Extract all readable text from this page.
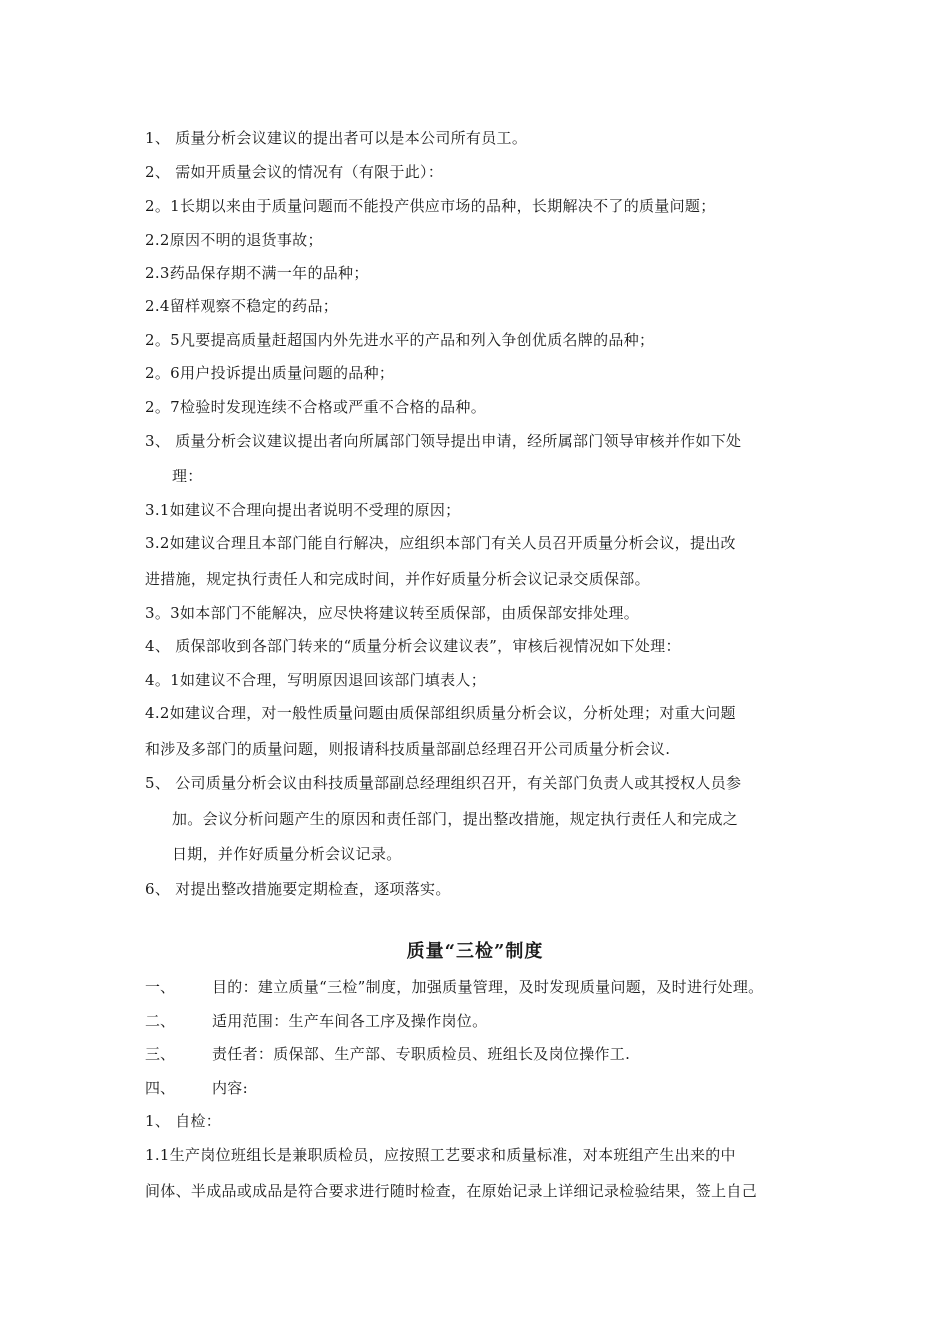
1、 质量分析会议建议的提出者可以是本公司所有员工。
2、 需如开质量会议的情况有（有限于此）：
2。1长期以来由于质量问题而不能投产供应市场的品种，长期解决不了的质量问题；
2.2原因不明的退货事故；
2.3药品保存期不满一年的品种；
2.4留样观察不稳定的药品；
2。5凡要提高质量赶超国内外先进水平的产品和列入争创优质名牌的品种；
2。6用户投诉提出质量问题的品种；
2。7检验时发现连续不合格或严重不合格的品种。
3、 质量分析会议建议提出者向所属部门领导提出申请，经所属部门领导审核并作如下处
理：
3.1如建议不合理向提出者说明不受理的原因；
3.2如建议合理且本部门能自行解决，应组织本部门有关人员召开质量分析会议，提出改
进措施，规定执行责任人和完成时间，并作好质量分析会议记录交质保部。
3。3如本部门不能解决，应尽快将建议转至质保部，由质保部安排处理。
4、 质保部收到各部门转来的“质量分析会议建议表”，审核后视情况如下处理：
4。1如建议不合理，写明原因退回该部门填表人；
4.2如建议合理，对一般性质量问题由质保部组织质量分析会议，分析处理；对重大问题
和涉及多部门的质量问题，则报请科技质量部副总经理召开公司质量分析会议.
5、 公司质量分析会议由科技质量部副总经理组织召开，有关部门负责人或其授权人员参
加。会议分析问题产生的原因和责任部门，提出整改措施，规定执行责任人和完成之
日期，并作好质量分析会议记录。
6、 对提出整改措施要定期检查，逐项落实。
质量“三检”制度
一、 目的：建立质量“三检”制度，加强质量管理，及时发现质量问题，及时进行处理。
二、 适用范围：生产车间各工序及操作岗位。
三、 责任者：质保部、生产部、专职质检员、班组长及岗位操作工.
四、 内容:
1、 自检：
1.1生产岗位班组长是兼职质检员，应按照工艺要求和质量标准，对本班组产生出来的中
间体、半成品或成品是符合要求进行随时检查，在原始记录上详细记录检验结果，签上自己
